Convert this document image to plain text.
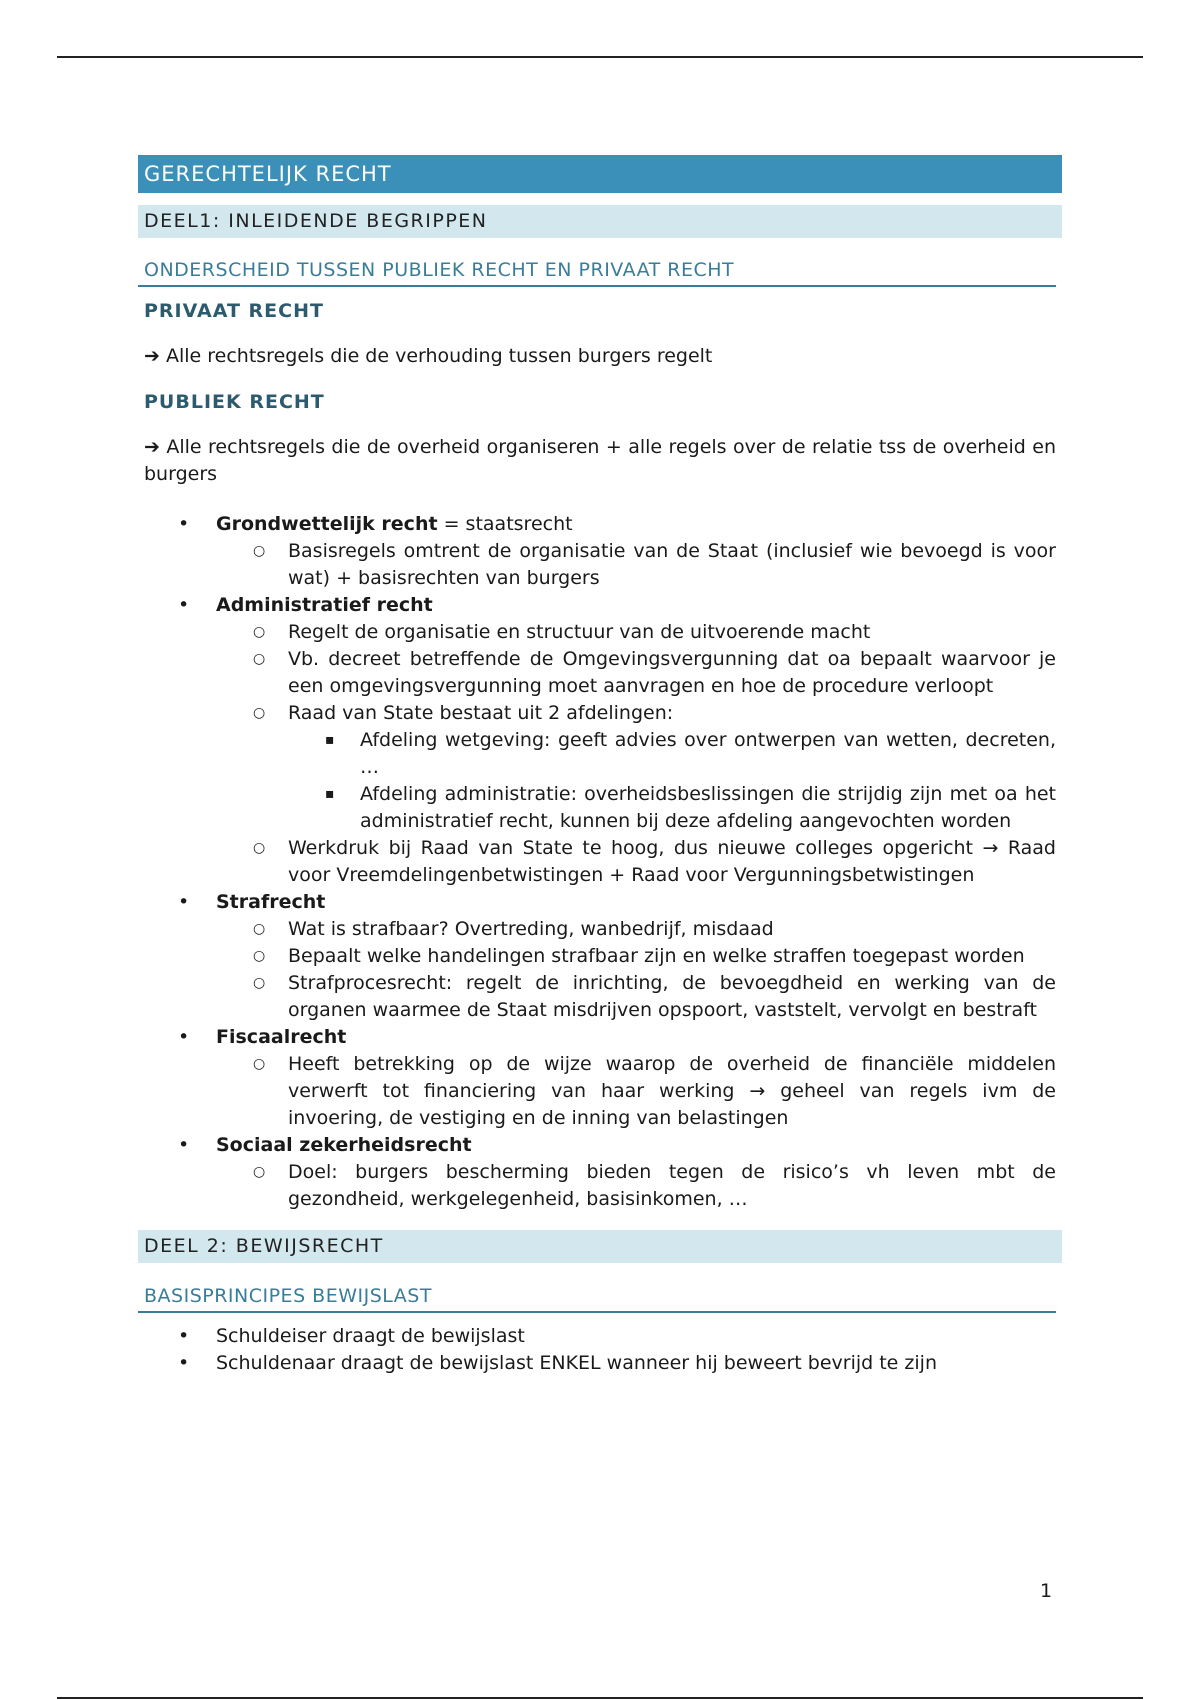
GERECHTELIJK RECHT
DEEL1: INLEIDENDE BEGRIPPEN
ONDERSCHEID TUSSEN PUBLIEK RECHT EN PRIVAAT RECHT
PRIVAAT RECHT
➔ Alle rechtsregels die de verhouding tussen burgers regelt
PUBLIEK RECHT
➔ Alle rechtsregels die de overheid organiseren + alle regels over de relatie tss de overheid en burgers
• Grondwettelijk recht = staatsrecht
○ Basisregels omtrent de organisatie van de Staat (inclusief wie bevoegd is voor wat) + basisrechten van burgers
• Administratief recht
○ Regelt de organisatie en structuur van de uitvoerende macht
○ Vb. decreet betreffende de Omgevingsvergunning dat oa bepaalt waarvoor je een omgevingsvergunning moet aanvragen en hoe de procedure verloopt
○ Raad van State bestaat uit 2 afdelingen:
▪ Afdeling wetgeving: geeft advies over ontwerpen van wetten, decreten, …
▪ Afdeling administratie: overheidsbeslissingen die strijdig zijn met oa het administratief recht, kunnen bij deze afdeling aangevochten worden
○ Werkdruk bij Raad van State te hoog, dus nieuwe colleges opgericht → Raad voor Vreemdelingenbetwistingen + Raad voor Vergunningsbetwistingen
• Strafrecht
○ Wat is strafbaar? Overtreding, wanbedrijf, misdaad
○ Bepaalt welke handelingen strafbaar zijn en welke straffen toegepast worden
○ Strafprocesrecht: regelt de inrichting, de bevoegdheid en werking van de organen waarmee de Staat misdrijven opspoort, vaststelt, vervolgt en bestraft
• Fiscaalrecht
○ Heeft betrekking op de wijze waarop de overheid de financiële middelen verwerft tot financiering van haar werking → geheel van regels ivm de invoering, de vestiging en de inning van belastingen
• Sociaal zekerheidsrecht
○ Doel: burgers bescherming bieden tegen de risico’s vh leven mbt de gezondheid, werkgelegenheid, basisinkomen, …
DEEL 2: BEWIJSRECHT
BASISPRINCIPES BEWIJSLAST
• Schuldeiser draagt de bewijslast
• Schuldenaar draagt de bewijslast ENKEL wanneer hij beweert bevrijd te zijn
1
